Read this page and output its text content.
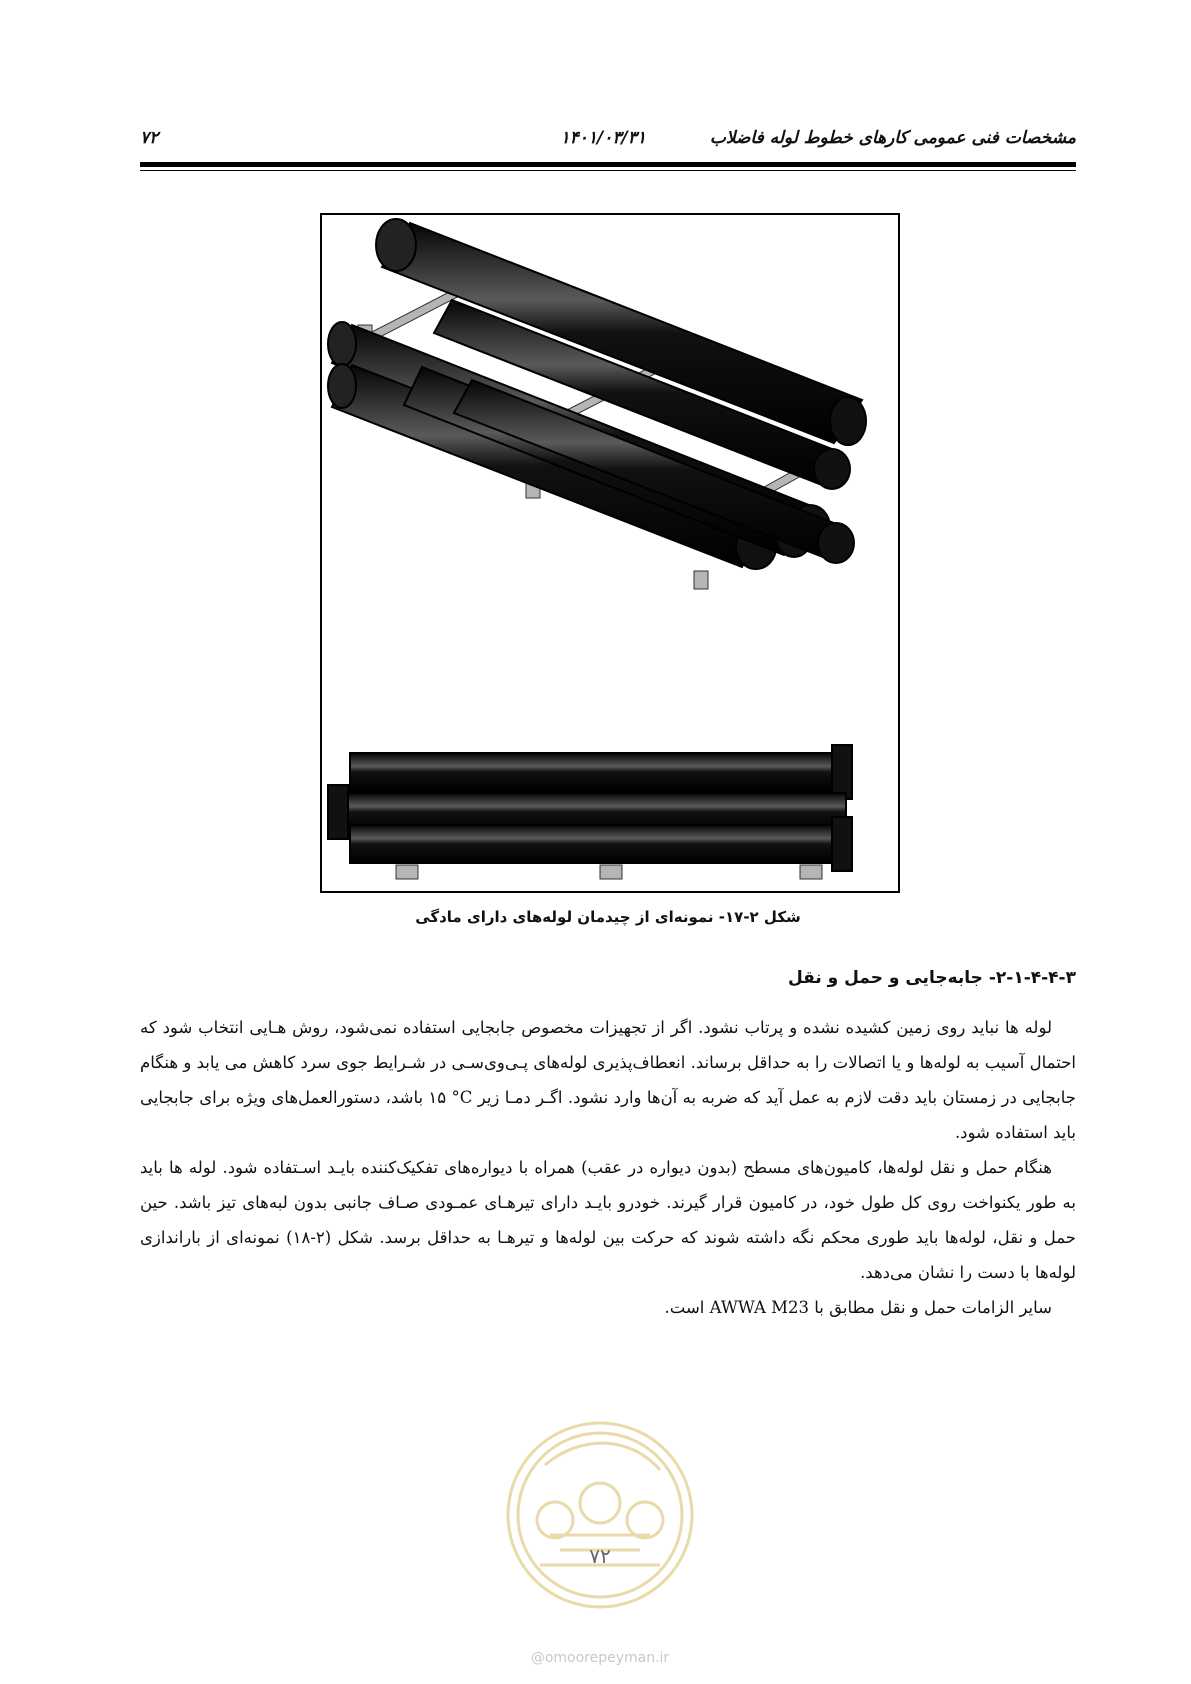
مشخصات فنی عمومی کارهای خطوط لوله فاضلاب
۱۴۰۱/۰۳/۳۱
۷۲
شکل ۲-۱۷- نمونه‌ای از چیدمان لوله‌های دارای مادگی
۲-۱-۴-۴-۳- جابه‌جایی و حمل و نقل

لوله ها نباید روی زمین کشیده نشده و پرتاب نشود. اگر از تجهیزات مخصوص جابجایی استفاده نمی‌شود، روش هـایی انتخاب شود که احتمال آسیب به لوله‌ها و یا اتصالات را به حداقل برساند. انعطاف‌پذیری لوله‌های پـی‌وی‌سـی در شـرایط جوی سرد کاهش می یابد و هنگام جابجایی در زمستان باید دقت لازم به عمل آید که ضربه به آن‌ها وارد نشود. اگـر دمـا زیر ‎°C‏ ۱۵ باشد، دستورالعمل‌های ویژه برای جابجایی باید استفاده شود.

هنگام حمل و نقل لوله‌ها، کامیون‌های مسطح (بدون دیواره در عقب) همراه با دیواره‌های تفکیک‌کننده بایـد اسـتفاده شود. لوله ها باید به طور یکنواخت روی کل طول خود، در کامیون قرار گیرند. خودرو بایـد دارای تیرهـای عمـودی صـاف جانبی بدون لبه‌های تیز باشد. حین حمل و نقل، لوله‌ها باید طوری محکم نگه داشته شوند که حرکت بین لوله‌ها و تیرهـا به حداقل برسد. شکل (۲-۱۸) نمونه‌ای از باراندازی لوله‌ها با دست را نشان می‌دهد.

سایر الزامات حمل و نقل مطابق با AWWA M23 است.

۷۲
@omoorepeyman.ir
